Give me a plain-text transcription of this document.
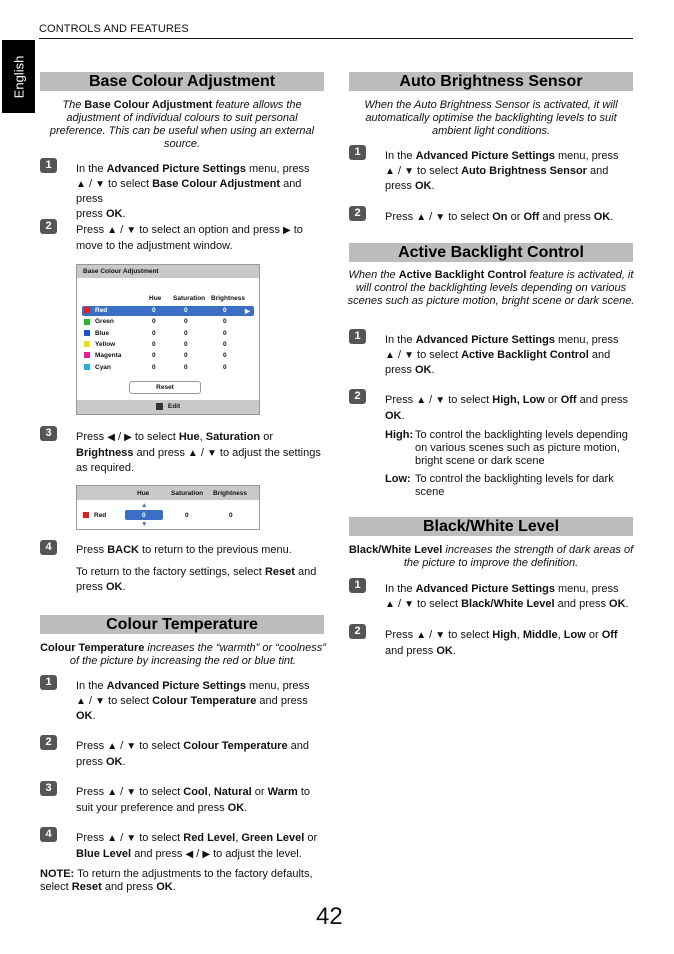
CONTROLS AND FEATURES
English	Base Colour Adjustment
The Base Colour Adjustment feature allows the adjustment of individual colours to suit personal preference. This can be useful when using an external source.
1	In the Advanced Picture Settings menu, press
▲ / ▼ to select Base Colour Adjustment and press
press OK.
2	Press ▲ / ▼ to select an option and press ▶ to
move to the adjustment window.
Base Colour Adjustment
Hue Saturation Brightness
Reset
Edit
Red	0	0	0
Green	0	0	0
Blue	0	0	0
Yellow	0	0	0
Magenta	0	0	0
Cyan	0	0	0
▶
3	Press ◀ / ▶ to select Hue, Saturation or
Brightness and press ▲ / ▼ to adjust the settings
as required.
Hue	Saturation Brightness
▲
▼
Red	0	0	0
4	Press BACK to return to the previous menu.
To return to the factory settings, select Reset and
press OK.
Colour Temperature
Colour Temperature increases the “warmth” or “coolness” of the picture by increasing the red or blue tint.
1	In the Advanced Picture Settings menu, press
▲ / ▼ to select Colour Temperature and press
OK.
2	Press ▲ / ▼ to select Colour Temperature and
press OK.
3	Press ▲ / ▼ to select Cool, Natural or Warm to
suit your preference and press OK.
4	Press ▲ / ▼ to select Red Level, Green Level or
Blue Level and press ◀ / ▶ to adjust the level.
NOTE: To return the adjustments to the factory defaults, select Reset and press OK.
Auto Brightness Sensor
When the Auto Brightness Sensor is activated, it will automatically optimise the backlighting levels to suit ambient light conditions.
1	In the Advanced Picture Settings menu, press
▲ / ▼ to select Auto Brightness Sensor and
press OK.
2	Press ▲ / ▼ to select On or Off and press OK.
Active Backlight Control
When the Active Backlight Control feature is activated, it will control the backlighting levels depending on various scenes such as picture motion, bright scene or dark scene.
1	In the Advanced Picture Settings menu, press
▲ / ▼ to select Active Backlight Control and
press OK.
2	Press ▲ / ▼ to select High, Low or Off and press
OK.
High: To control the backlighting levels depending on various scenes such as picture motion, bright scene or dark scene
Low: To control the backlighting levels for dark scene
Black/White Level
Black/White Level increases the strength of dark areas of the picture to improve the definition.
1	In the Advanced Picture Settings menu, press
▲ / ▼ to select Black/White Level and press OK.
2	Press ▲ / ▼ to select High, Middle, Low or Off
and press OK.
42
